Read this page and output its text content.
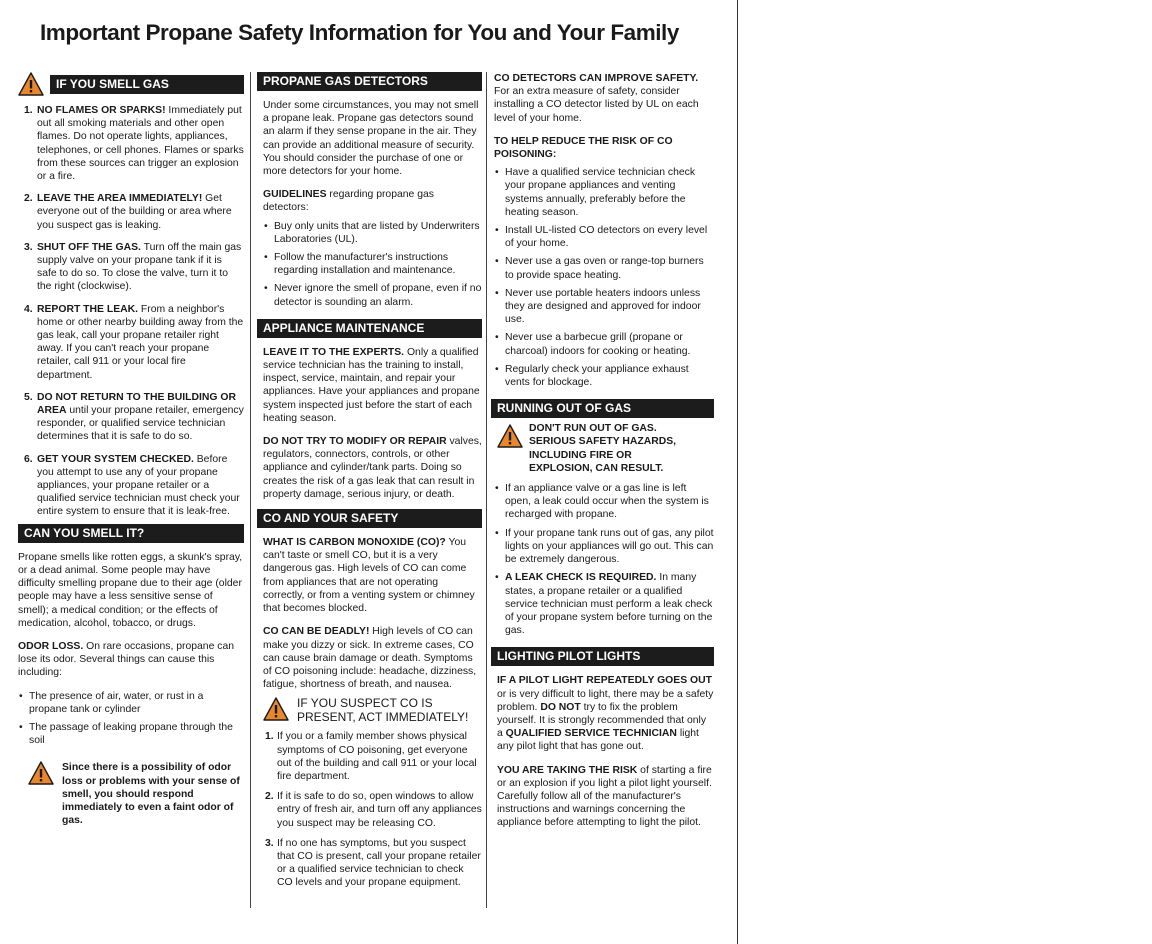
Important Propane Safety Information for You and Your Family
IF YOU SMELL GAS
1. NO FLAMES OR SPARKS! Immediately put out all smoking materials and other open flames. Do not operate lights, appliances, telephones, or cell phones. Flames or sparks from these sources can trigger an explosion or a fire.
2. LEAVE THE AREA IMMEDIATELY! Get everyone out of the building or area where you suspect gas is leaking.
3. SHUT OFF THE GAS. Turn off the main gas supply valve on your propane tank if it is safe to do so. To close the valve, turn it to the right (clockwise).
4. REPORT THE LEAK. From a neighbor's home or other nearby building away from the gas leak, call your propane retailer right away. If you can't reach your propane retailer, call 911 or your local fire department.
5. DO NOT RETURN TO THE BUILDING OR AREA until your propane retailer, emergency responder, or qualified service technician determines that it is safe to do so.
6. GET YOUR SYSTEM CHECKED. Before you attempt to use any of your propane appliances, your propane retailer or a qualified service technician must check your entire system to ensure that it is leak-free.
CAN YOU SMELL IT?

Propane smells like rotten eggs, a skunk's spray, or a dead animal. Some people may have difficulty smelling propane due to their age (older people may have a less sensitive sense of smell); a medical condition; or the effects of medication, alcohol, tobacco, or drugs.

ODOR LOSS. On rare occasions, propane can lose its odor. Several things can cause this including:

• The presence of air, water, or rust in a propane tank or cylinder
• The passage of leaking propane through the soil
Since there is a possibility of odor loss or problems with your sense of smell, you should respond immediately to even a faint odor of gas.
PROPANE GAS DETECTORS

Under some circumstances, you may not smell a propane leak. Propane gas detectors sound an alarm if they sense propane in the air. They can provide an additional measure of security. You should consider the purchase of one or more detectors for your home.

GUIDELINES regarding propane gas detectors:

• Buy only units that are listed by Underwriters Laboratories (UL).
• Follow the manufacturer's instructions regarding installation and maintenance.
• Never ignore the smell of propane, even if no detector is sounding an alarm.
APPLIANCE MAINTENANCE

LEAVE IT TO THE EXPERTS. Only a qualified service technician has the training to install, inspect, service, maintain, and repair your appliances. Have your appliances and propane system inspected just before the start of each heating season.

DO NOT TRY TO MODIFY OR REPAIR valves, regulators, connectors, controls, or other appliance and cylinder/tank parts. Doing so creates the risk of a gas leak that can result in property damage, serious injury, or death.

CO AND YOUR SAFETY

WHAT IS CARBON MONOXIDE (CO)? You can't taste or smell CO, but it is a very dangerous gas. High levels of CO can come from appliances that are not operating correctly, or from a venting system or chimney that becomes blocked.

CO CAN BE DEADLY! High levels of CO can make you dizzy or sick. In extreme cases, CO can cause brain damage or death. Symptoms of CO poisoning include: headache, dizziness, fatigue, shortness of breath, and nausea.

IF YOU SUSPECT CO IS PRESENT, ACT IMMEDIATELY!
1. If you or a family member shows physical symptoms of CO poisoning, get everyone out of the building and call 911 or your local fire department.
2. If it is safe to do so, open windows to allow entry of fresh air, and turn off any appliances you suspect may be releasing CO.
3. If no one has symptoms, but you suspect that CO is present, call your propane retailer or a qualified service technician to check CO levels and your propane equipment.

CO DETECTORS CAN IMPROVE SAFETY. For an extra measure of safety, consider installing a CO detector listed by UL on each level of your home.

TO HELP REDUCE THE RISK OF CO POISONING:

• Have a qualified service technician check your propane appliances and venting systems annually, preferably before the heating season.
• Install UL-listed CO detectors on every level of your home.
• Never use a gas oven or range-top burners to provide space heating.
• Never use portable heaters indoors unless they are designed and approved for indoor use.
• Never use a barbecue grill (propane or charcoal) indoors for cooking or heating.
• Regularly check your appliance exhaust vents for blockage.
RUNNING OUT OF GAS
DON'T RUN OUT OF GAS. SERIOUS SAFETY HAZARDS, INCLUDING FIRE OR EXPLOSION, CAN RESULT.
• If an appliance valve or a gas line is left open, a leak could occur when the system is recharged with propane.
• If your propane tank runs out of gas, any pilot lights on your appliances will go out. This can be extremely dangerous.
• A LEAK CHECK IS REQUIRED. In many states, a propane retailer or a qualified service technician must perform a leak check of your propane system before turning on the gas.
LIGHTING PILOT LIGHTS

IF A PILOT LIGHT REPEATEDLY GOES OUT or is very difficult to light, there may be a safety problem. DO NOT try to fix the problem yourself. It is strongly recommended that only a QUALIFIED SERVICE TECHNICIAN light any pilot light that has gone out.

YOU ARE TAKING THE RISK of starting a fire or an explosion if you light a pilot light yourself. Carefully follow all of the manufacturer's instructions and warnings concerning the appliance before attempting to light the pilot.
